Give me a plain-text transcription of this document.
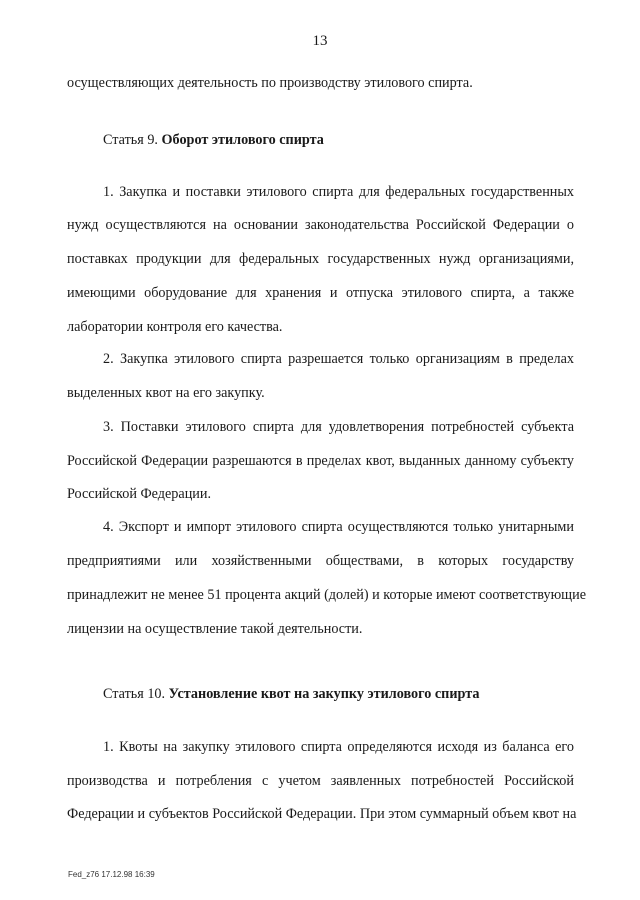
13
осуществляющих деятельность по производству этилового спирта.
Статья 9. Оборот этилового спирта
1. Закупка и поставки этилового спирта для федеральных государственных
нужд осуществляются на основании законодательства Российской Федерации о
поставках продукции для федеральных государственных нужд организациями,
имеющими оборудование для хранения и отпуска этилового спирта, а также
лаборатории контроля его качества.
2. Закупка этилового спирта разрешается только организациям в пределах
выделенных квот на его закупку.
3. Поставки этилового спирта для удовлетворения потребностей субъекта
Российской Федерации разрешаются в пределах квот, выданных данному субъекту
Российской Федерации.
4. Экспорт и импорт этилового спирта осуществляются только унитарными
предприятиями или хозяйственными обществами, в которых государству
принадлежит не менее 51 процента акций (долей) и которые имеют соответствующие
лицензии на осуществление такой деятельности.
Статья 10. Установление квот на закупку этилового спирта
1. Квоты на закупку этилового спирта определяются исходя из баланса его
производства и потребления с учетом заявленных потребностей Российской
Федерации и субъектов Российской Федерации. При этом суммарный объем квот на
Fed_z76 17.12.98 16:39
